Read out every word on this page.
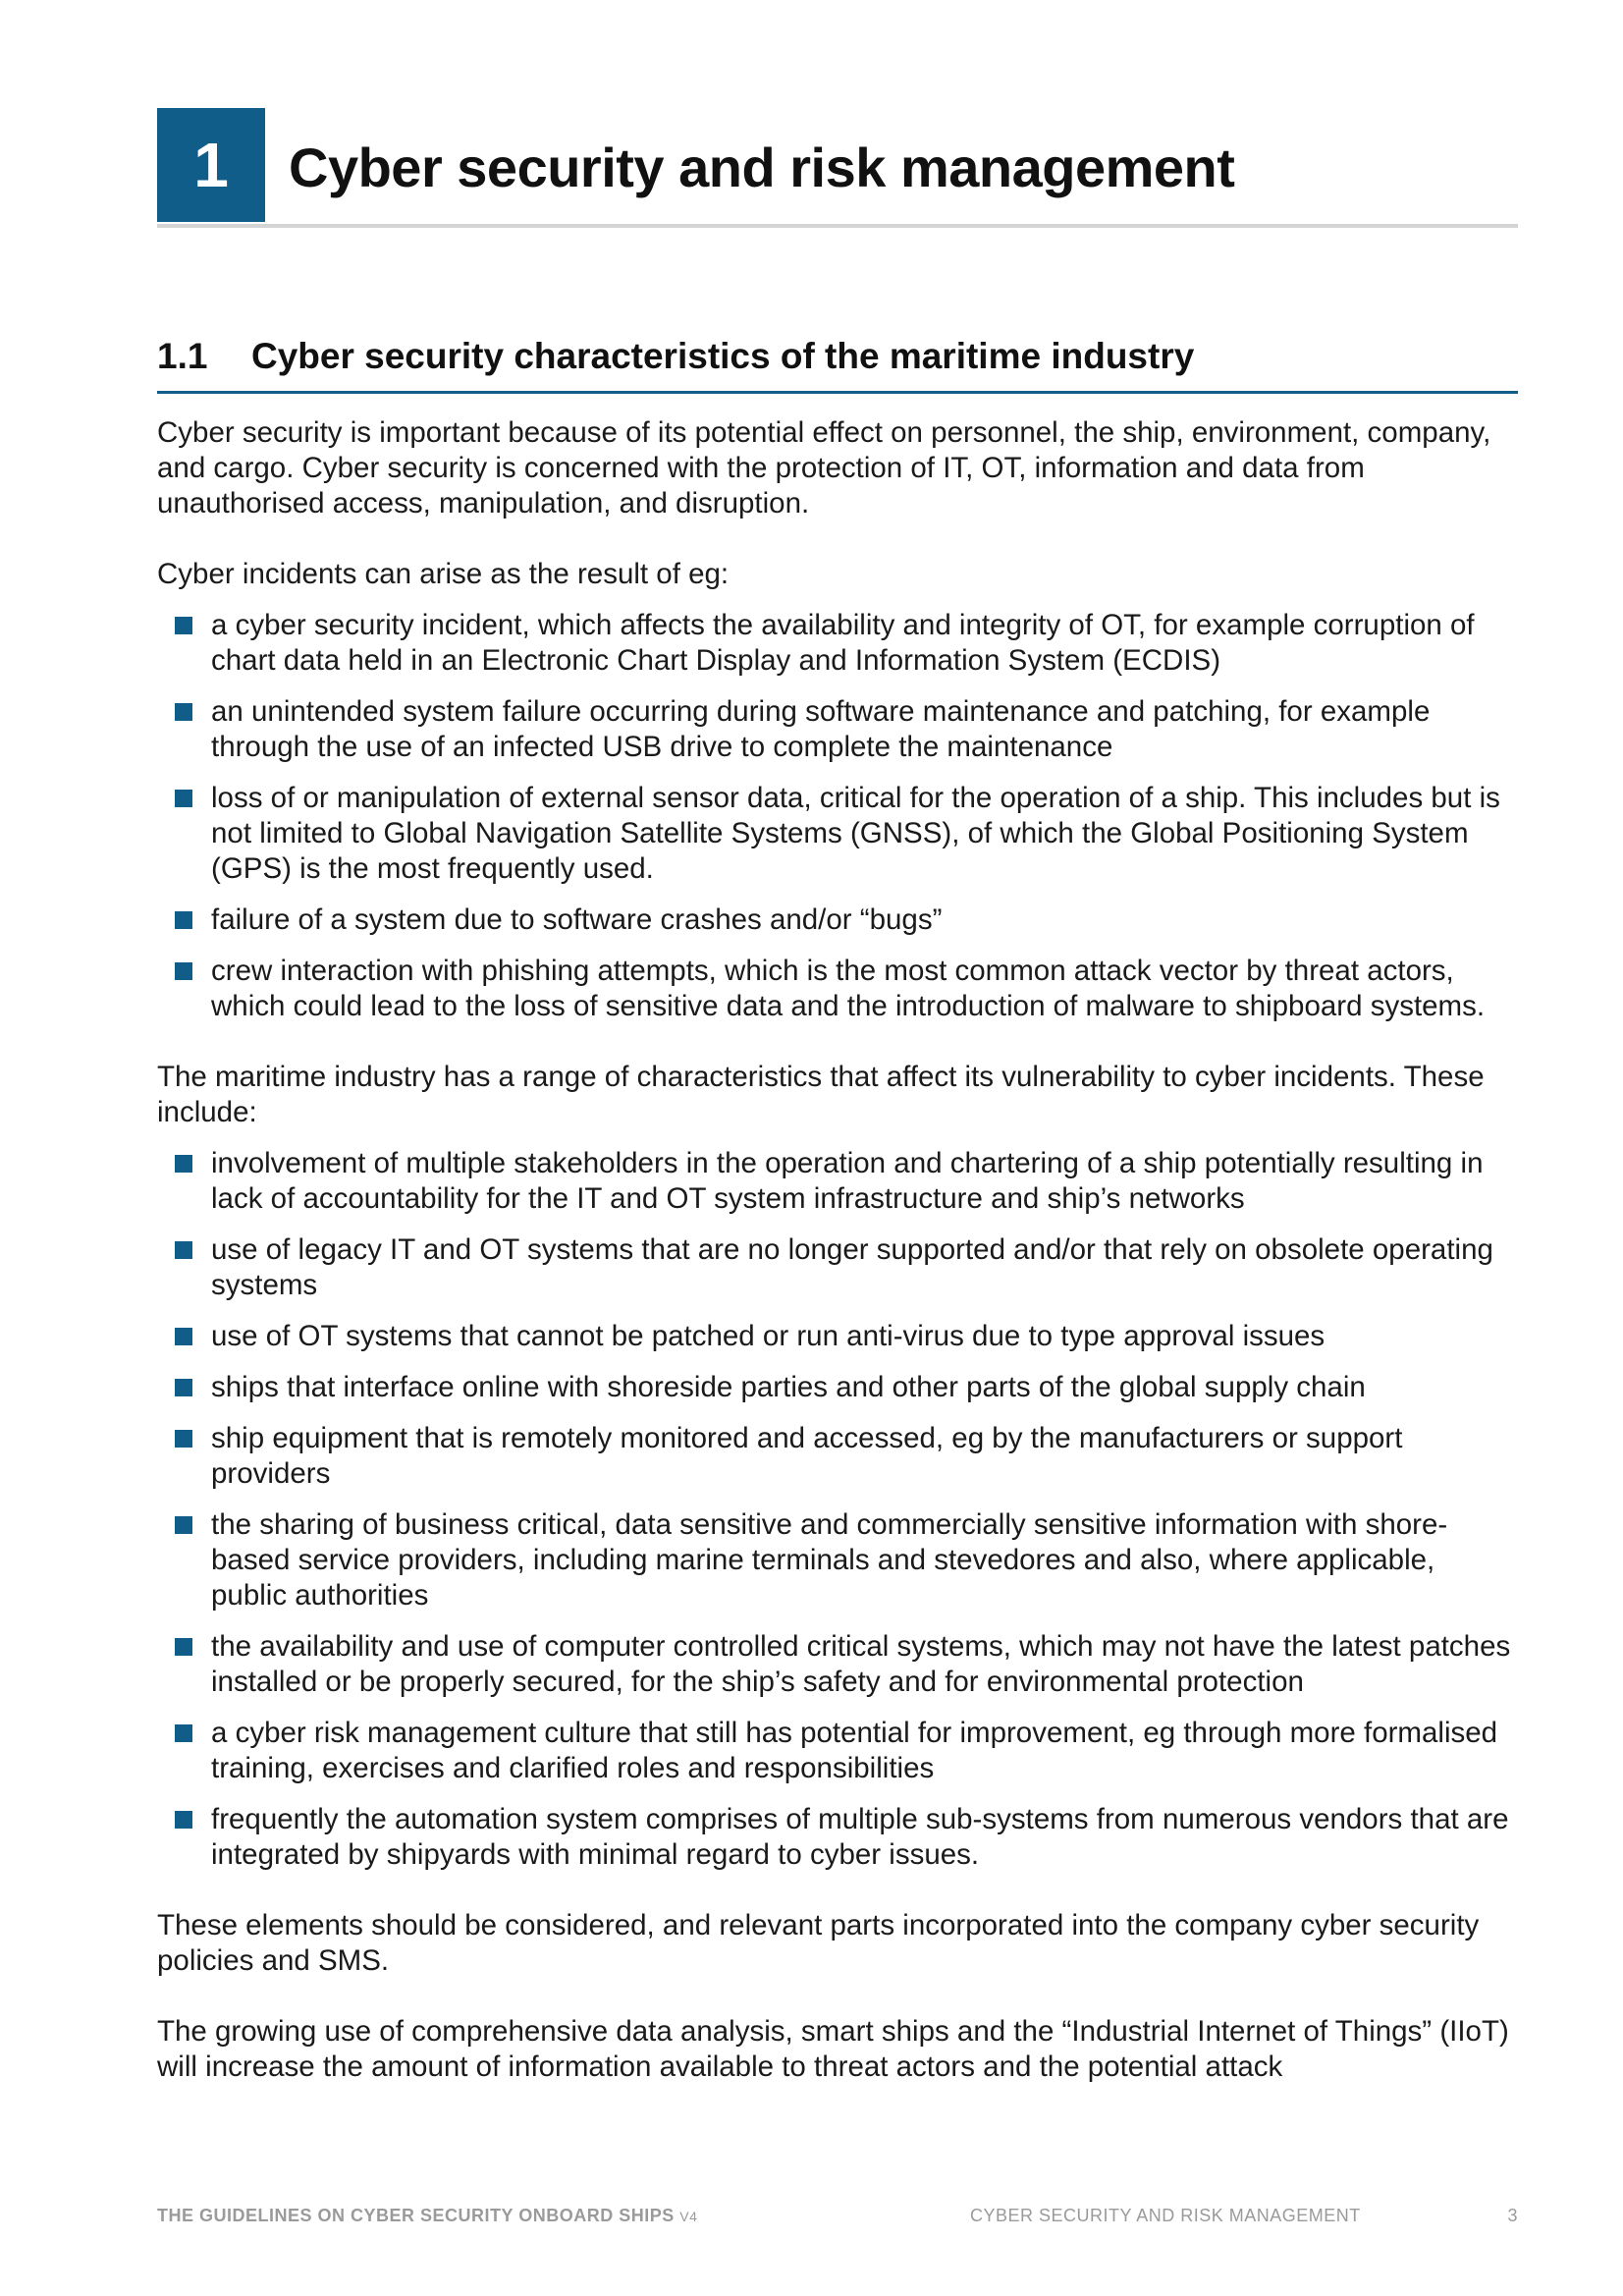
1	Cyber security and risk management
1.1 Cyber security characteristics of the maritime industry

Cyber security is important because of its potential effect on personnel, the ship, environment, company, and cargo. Cyber security is concerned with the protection of IT, OT, information and data from unauthorised access, manipulation, and disruption.

Cyber incidents can arise as the result of eg:

a cyber security incident, which affects the availability and integrity of OT, for example corruption of chart data held in an Electronic Chart Display and Information System (ECDIS)
an unintended system failure occurring during software maintenance and patching, for example through the use of an infected USB drive to complete the maintenance
loss of or manipulation of external sensor data, critical for the operation of a ship. This includes but is not limited to Global Navigation Satellite Systems (GNSS), of which the Global Positioning System (GPS) is the most frequently used.
failure of a system due to software crashes and/or “bugs”
crew interaction with phishing attempts, which is the most common attack vector by threat actors, which could lead to the loss of sensitive data and the introduction of malware to shipboard systems.

The maritime industry has a range of characteristics that affect its vulnerability to cyber incidents. These include:

involvement of multiple stakeholders in the operation and chartering of a ship potentially resulting in lack of accountability for the IT and OT system infrastructure and ship’s networks
use of legacy IT and OT systems that are no longer supported and/or that rely on obsolete operating systems
use of OT systems that cannot be patched or run anti-virus due to type approval issues
ships that interface online with shoreside parties and other parts of the global supply chain
ship equipment that is remotely monitored and accessed, eg by the manufacturers or support providers
the sharing of business critical, data sensitive and commercially sensitive information with shore-based service providers, including marine terminals and stevedores and also, where applicable, public authorities
the availability and use of computer controlled critical systems, which may not have the latest patches installed or be properly secured, for the ship’s safety and for environmental protection
a cyber risk management culture that still has potential for improvement, eg through more formalised training, exercises and clarified roles and responsibilities
frequently the automation system comprises of multiple sub-systems from numerous vendors that are integrated by shipyards with minimal regard to cyber issues.

These elements should be considered, and relevant parts incorporated into the company cyber security policies and SMS.

The growing use of comprehensive data analysis, smart ships and the “Industrial Internet of Things” (IIoT) will increase the amount of information available to threat actors and the potential attack

THE GUIDELINES ON CYBER SECURITY ONBOARD SHIPS V4	CYBER SECURITY AND RISK MANAGEMENT	3
